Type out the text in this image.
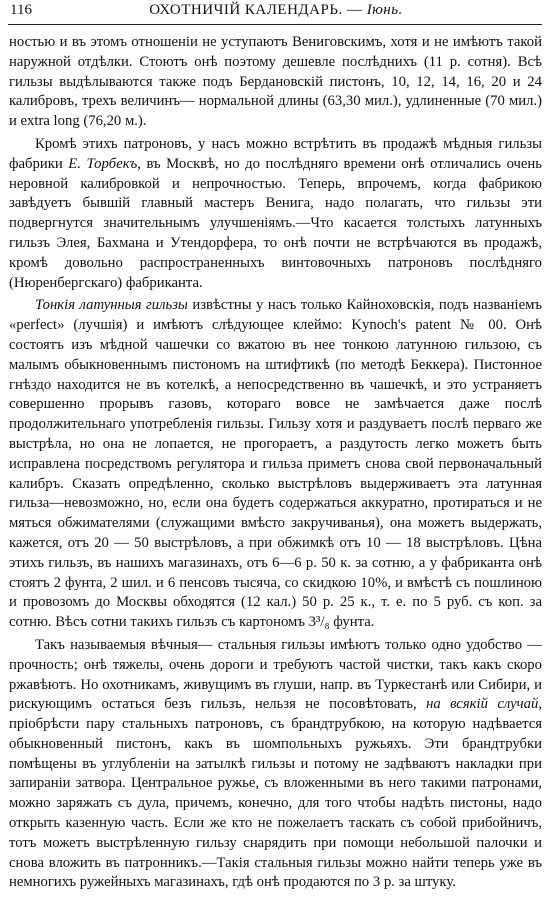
116	ОХОТНИЧІЙ КАЛЕНДАРЬ. — Іюнь.

ностью и въ этомъ отношеніи не уступаютъ Вениговскимъ, хотя и не имѣютъ такой наружной отдѣлки. Стоютъ онѣ поэтому дешевле послѣднихъ (11 р. сотня). Всѣ гильзы выдѣлываются также подъ Бердановскій пистонъ, 10, 12, 14, 16, 20 и 24 калибровъ, трехъ величинъ— нормальной длины (63,30 мил.), удлиненные (70 мил.) и extra long (76,20 м.).

Кромѣ этихъ патроновъ, у насъ можно встрѣтить въ продажѣ мѣдныя гильзы фабрики Е. Торбекъ, въ Москвѣ, но до послѣдняго времени онѣ отличались очень неровной калибровкой и непрочностью. Теперь, впрочемъ, когда фабрикою завѣдуетъ бывшій главный мастеръ Венига, надо полагать, что гильзы эти подвергнутся значительнымъ улучшеніямъ.—Что касается толстыхъ латунныхъ гильзъ Элея, Бахмана и Утендорфера, то онѣ почти не встрѣчаются въ продажѣ, кромѣ довольно распространенныхъ винтовочныхъ патроновъ послѣдняго (Нюренбергскаго) фабриканта.

Тонкія латунныя гильзы извѣстны у насъ только Кайноховскія, подъ названіемъ «perfect» (лучшія) и имѣютъ слѣдующее клеймо: Kynoch's patent № 00. Онѣ состоятъ изъ мѣдной чашечки со вжатою въ нее тонкою латунною гильзою, съ малымъ обыкновеннымъ пистономъ на штифтикѣ (по методѣ Беккера). Пистонное гнѣздо находится не въ котелкѣ, а непосредственно въ чашечкѣ, и это устраняетъ совершенно прорывъ газовъ, котораго вовсе не замѣчается даже послѣ продолжительнаго употребленія гильзы. Гильзу хотя и раздуваетъ послѣ перваго же выстрѣла, но она не лопается, не прогораетъ, а раздутость легко можетъ быть исправлена посредствомъ регулятора и гильза приметъ снова свой первоначальный калибръ. Сказать опредѣленно, сколько выстрѣловъ выдерживаетъ эта латунная гильза—невозможно, но, если она будетъ содержаться аккуратно, протираться и не мяться обжимателями (служащими вмѣсто закручиванья), она можетъ выдержать, кажется, отъ 20 — 50 выстрѣловъ, а при обжимкѣ отъ 10 — 18 выстрѣловъ. Цѣна этихъ гильзъ, въ нашихъ магазинахъ, отъ 6—6 р. 50 к. за сотню, а у фабриканта онѣ стоятъ 2 фунта, 2 шил. и 6 пенсовъ тысяча, со скидкою 10%, и вмѣстѣ съ пошлиною и провозомъ до Москвы обходятся (12 кал.) 50 р. 25 к., т. е. по 5 руб. съ коп. за сотню. Вѣсъ сотни такихъ гильзъ съ картономъ 3³/₈ фунта.

Такъ называемыя вѣчныя— стальныя гильзы имѣютъ только одно удобство — прочность; онѣ тяжелы, очень дороги и требуютъ частой чистки, такъ какъ скоро ржавѣютъ. Но охотникамъ, живущимъ въ глуши, напр. въ Туркестанѣ или Сибири, и рискующимъ остаться безъ гильзъ, нельзя не посовѣтовать, на всякій случай, пріобрѣсти пару стальныхъ патроновъ, съ брандтрубкою, на которую надѣвается обыкновенный пистонъ, какъ въ шомпольныхъ ружьяхъ. Эти брандтрубки помѣщены въ углубленіи на затылкѣ гильзы и потому не задѣваютъ накладки при запираніи затвора. Центральное ружье, съ вложенными въ него такими патронами, можно заряжать съ дула, причемъ, конечно, для того чтобы надѣть пистоны, надо открыть казенную часть. Если же кто не пожелаетъ таскать съ собой прибойничъ, тотъ можетъ выстрѣленную гильзу снарядить при помощи небольшой палочки и снова вложить въ патронникъ.—Такія стальныя гильзы можно найти теперь уже въ немногихъ ружейныхъ магазинахъ, гдѣ онѣ продаются по 3 р. за штуку.
